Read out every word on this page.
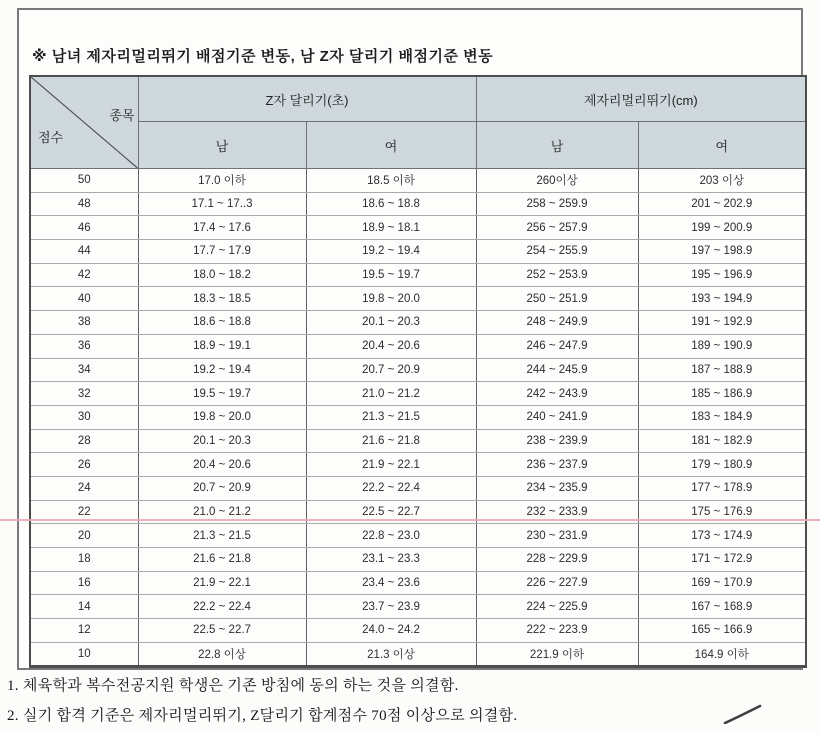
※ 남녀 제자리멀리뛰기 배점기준 변동, 남 Z자 달리기 배점기준 변동
종목
점수	Z자 달리기(초)		제자리멀리뛰기(cm)	
	남	여	남	여
50	17.0 이하	18.5 이하	260이상	203 이상
48	17.1 ~ 17..3	18.6 ~ 18.8	258 ~ 259.9	201 ~ 202.9
46	17.4 ~ 17.6	18.9 ~ 18.1	256 ~ 257.9	199 ~ 200.9
44	17.7 ~ 17.9	19.2 ~ 19.4	254 ~ 255.9	197 ~ 198.9
42	18.0 ~ 18.2	19.5 ~ 19.7	252 ~ 253.9	195 ~ 196.9
40	18.3 ~ 18.5	19.8 ~ 20.0	250 ~ 251.9	193 ~ 194.9
38	18.6 ~ 18.8	20.1 ~ 20.3	248 ~ 249.9	191 ~ 192.9
36	18.9 ~ 19.1	20.4 ~ 20.6	246 ~ 247.9	189 ~ 190.9
34	19.2 ~ 19.4	20.7 ~ 20.9	244 ~ 245.9	187 ~ 188.9
32	19.5 ~ 19.7	21.0 ~ 21.2	242 ~ 243.9	185 ~ 186.9
30	19.8 ~ 20.0	21.3 ~ 21.5	240 ~ 241.9	183 ~ 184.9
28	20.1 ~ 20.3	21.6 ~ 21.8	238 ~ 239.9	181 ~ 182.9
26	20.4 ~ 20.6	21.9 ~ 22.1	236 ~ 237.9	179 ~ 180.9
24	20.7 ~ 20.9	22.2 ~ 22.4	234 ~ 235.9	177 ~ 178.9
22	21.0 ~ 21.2	22.5 ~ 22.7	232 ~ 233.9	175 ~ 176.9
20	21.3 ~ 21.5	22.8 ~ 23.0	230 ~ 231.9	173 ~ 174.9
18	21.6 ~ 21.8	23.1 ~ 23.3	228 ~ 229.9	171 ~ 172.9
16	21.9 ~ 22.1	23.4 ~ 23.6	226 ~ 227.9	169 ~ 170.9
14	22.2 ~ 22.4	23.7 ~ 23.9	224 ~ 225.9	167 ~ 168.9
12	22.5 ~ 22.7	24.0 ~ 24.2	222 ~ 223.9	165 ~ 166.9
10	22.8 이상	21.3 이상	221.9 이하	164.9 이하
1. 체육학과 복수전공지원 학생은 기존 방침에 동의 하는 것을 의결함.
2. 실기 합격 기준은 제자리멀리뛰기, Z달리기 합계점수 70점 이상으로 의결함.
